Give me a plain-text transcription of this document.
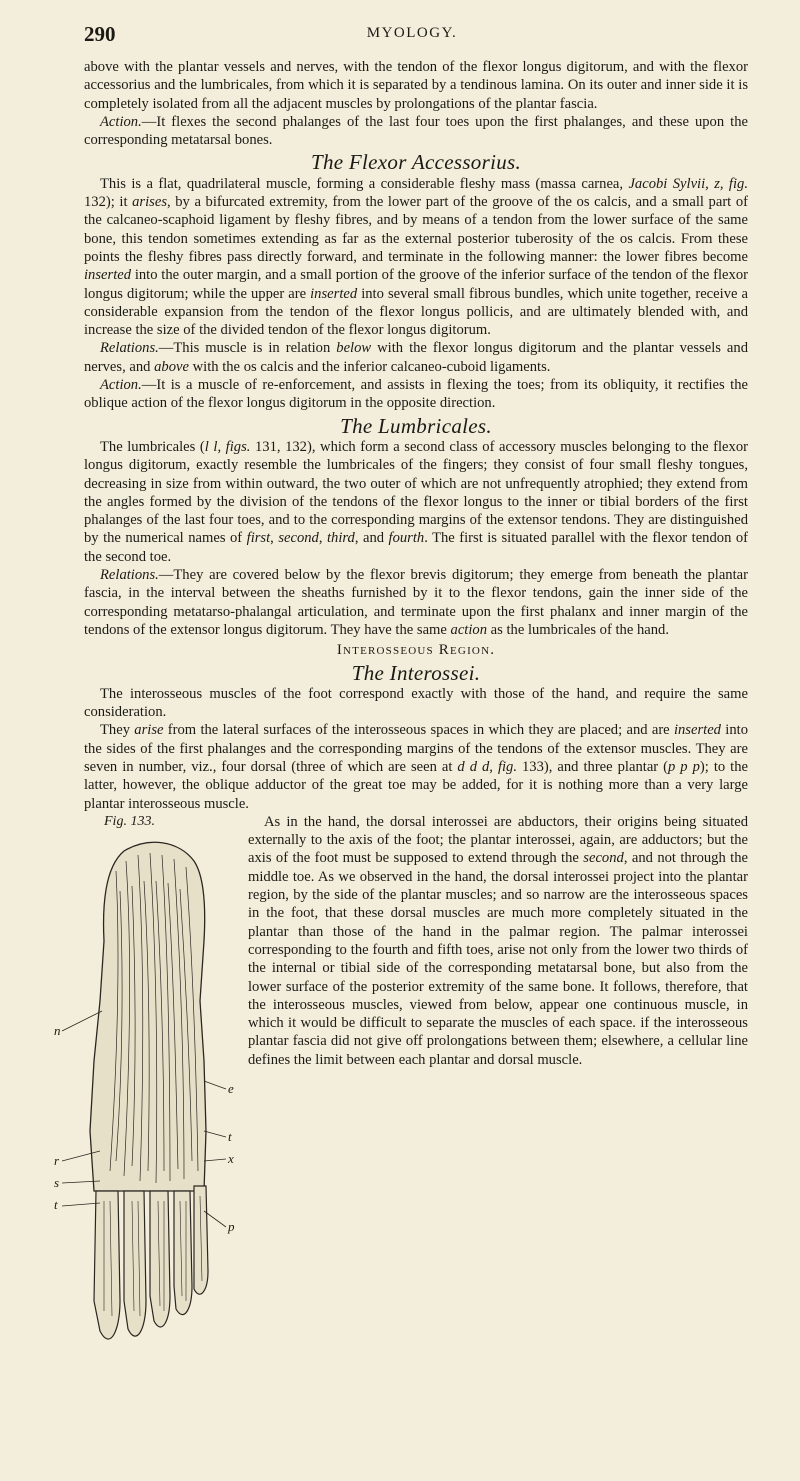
290	MYOLOGY.

above with the plantar vessels and nerves, with the tendon of the flexor longus digitorum, and with the flexor accessorius and the lumbricales, from which it is separated by a tendinous lamina. On its outer and inner side it is completely isolated from all the adjacent muscles by prolongations of the plantar fascia.

Action.—It flexes the second phalanges of the last four toes upon the first phalanges, and these upon the corresponding metatarsal bones.

The Flexor Accessorius.

This is a flat, quadrilateral muscle, forming a considerable fleshy mass (massa carnea, Jacobi Sylvii, z, fig. 132); it arises, by a bifurcated extremity, from the lower part of the groove of the os calcis, and a small part of the calcaneo-scaphoid ligament by fleshy fibres, and by means of a tendon from the lower surface of the same bone, this tendon sometimes extending as far as the external posterior tuberosity of the os calcis. From these points the fleshy fibres pass directly forward, and terminate in the following manner: the lower fibres become inserted into the outer margin, and a small portion of the groove of the inferior surface of the tendon of the flexor longus digitorum; while the upper are inserted into several small fibrous bundles, which unite together, receive a considerable expansion from the tendon of the flexor longus pollicis, and are ultimately blended with, and increase the size of the divided tendon of the flexor longus digitorum.

Relations.—This muscle is in relation below with the flexor longus digitorum and the plantar vessels and nerves, and above with the os calcis and the inferior calcaneo-cuboid ligaments.

Action.—It is a muscle of re-enforcement, and assists in flexing the toes; from its obliquity, it rectifies the oblique action of the flexor longus digitorum in the opposite direction.

The Lumbricales.

The lumbricales (l l, figs. 131, 132), which form a second class of accessory muscles belonging to the flexor longus digitorum, exactly resemble the lumbricales of the fingers; they consist of four small fleshy tongues, decreasing in size from within outward, the two outer of which are not unfrequently atrophied; they extend from the angles formed by the division of the tendons of the flexor longus to the inner or tibial borders of the first phalanges of the last four toes, and to the corresponding margins of the extensor tendons. They are distinguished by the numerical names of first, second, third, and fourth. The first is situated parallel with the flexor tendon of the second toe.

Relations.—They are covered below by the flexor brevis digitorum; they emerge from beneath the plantar fascia, in the interval between the sheaths furnished by it to the flexor tendons, gain the inner side of the corresponding metatarso-phalangal articulation, and terminate upon the first phalanx and inner margin of the tendons of the extensor longus digitorum. They have the same action as the lumbricales of the hand.

Interosseous Region.
The Interossei.

The interosseous muscles of the foot correspond exactly with those of the hand, and require the same consideration.

They arise from the lateral surfaces of the interosseous spaces in which they are placed; and are inserted into the sides of the first phalanges and the corresponding margins of the tendons of the extensor muscles. They are seven in number, viz., four dorsal (three of which are seen at d d d, fig. 133), and three plantar (p p p); to the latter, however, the oblique adductor of the great toe may be added, for it is nothing more than a very large plantar interosseous muscle.

Fig. 133.
n
e
t
x
r
s
t
p

As in the hand, the dorsal interossei are abductors, their origins being situated externally to the axis of the foot; the plantar interossei, again, are adductors; but the axis of the foot must be supposed to extend through the second, and not through the middle toe. As we observed in the hand, the dorsal interossei project into the plantar region, by the side of the plantar muscles; and so narrow are the interosseous spaces in the foot, that these dorsal muscles are much more completely situated in the plantar than those of the hand in the palmar region. The palmar interossei corresponding to the fourth and fifth toes, arise not only from the lower two thirds of the internal or tibial side of the corresponding metatarsal bone, but also from the lower surface of the posterior extremity of the same bone. It follows, therefore, that the interosseous muscles, viewed from below, appear one continuous muscle, in which it would be difficult to separate the muscles of each space. if the interosseous plantar fascia did not give off prolongations between them; elsewhere, a cellular line defines the limit between each plantar and dorsal muscle.
